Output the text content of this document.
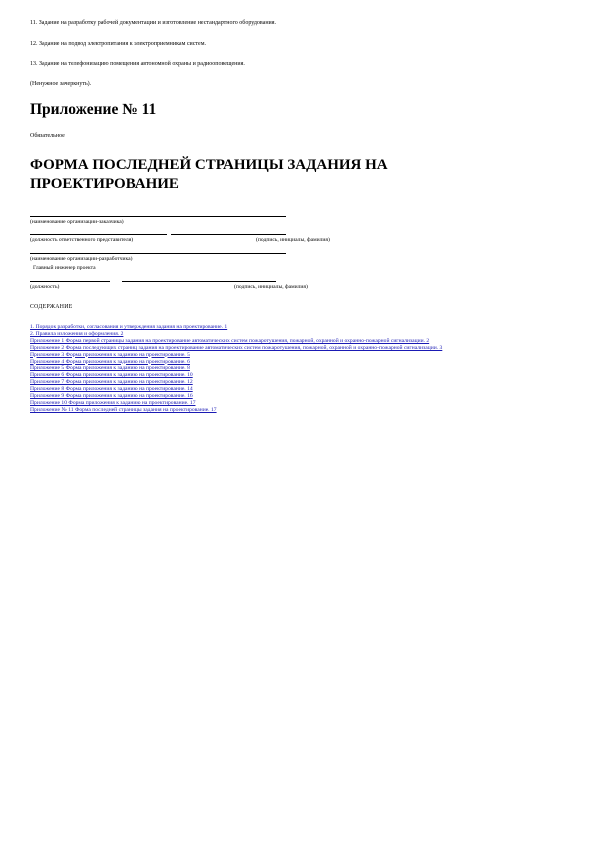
11. Задание на разработку рабочей документации и изготовление нестандартного оборудования.
12. Задание на подвод электропитания к электроприемникам систем.
13. Задание на телефонизацию помещения автономной охраны и радиооповещения.
(Ненужное зачеркнуть).
Приложение № 11
Обязательное
ФОРМА ПОСЛЕДНЕЙ СТРАНИЦЫ ЗАДАНИЯ НА ПРОЕКТИРОВАНИЕ
(наименование организации-заказчика)
(должность ответственного представителя)	(подпись, инициалы, фамилия)
(наименование организации-разработчика)
Главный инженер проекта
(должность)	(подпись, инициалы, фамилия)
СОДЕРЖАНИЕ
1. Порядок разработки, согласования и утверждения задания на проектирование. 1
2. Правила изложения и оформления. 2
Приложение 1 Форма первой страницы задания на проектирование автоматических систем пожаротушения, пожарной, охранной и охранно-пожарной сигнализации. 2
Приложение 2 Форма последующих страниц задания на проектирование автоматических систем пожаротушения, пожарной, охранной и охранно-пожарной сигнализации. 3
Приложение 3 Форма приложения к заданию на проектирование. 5
Приложение 4 Форма приложения к заданию на проектирование. 6
Приложение 5 Форма приложения к заданию на проектирование. 8
Приложение 6 Форма приложения к заданию на проектирование. 10
Приложение 7 Форма приложения к заданию на проектирование. 12
Приложение 8 Форма приложения к заданию на проектирование. 14
Приложение 9 Форма приложения к заданию на проектирование. 16
Приложение 10 Форма приложения к заданию на проектирование. 17
Приложение № 11 Форма последней страницы задания на проектирование. 17
